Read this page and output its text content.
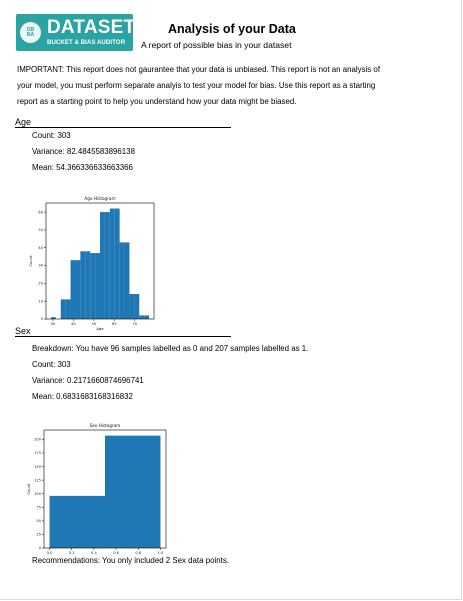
DB
BA DATASET
BUCKET & BIAS AUDITOR
Analysis of your Data
A report of possible bias in your dataset
IMPORTANT: This report does not gaurantee that your data is unbiased. This report is not an analysis of
your model, you must perform separate analyis to test your model for bias. Use this report as a starting
report as a starting point to help you understand how your data might be biased.
Age
Count: 303
Variance: 82.4845583896138
Mean: 54.366336633663366
30	40	50	60	70
0
10
20
30
40
50
60
Age Histogram
Age
Count
Sex
Breakdown: You have 96 samples labelled as 0 and 207 samples labelled as 1.
Count: 303
Variance: 0.2171660874696741
Mean: 0.6831683168316832
0.0	0.2	0.4	0.6	0.8	1.0
0
25
50
75
100
125
150
175
200
Sex Histogram
Count
Recommendations: You only included 2 Sex data points.
